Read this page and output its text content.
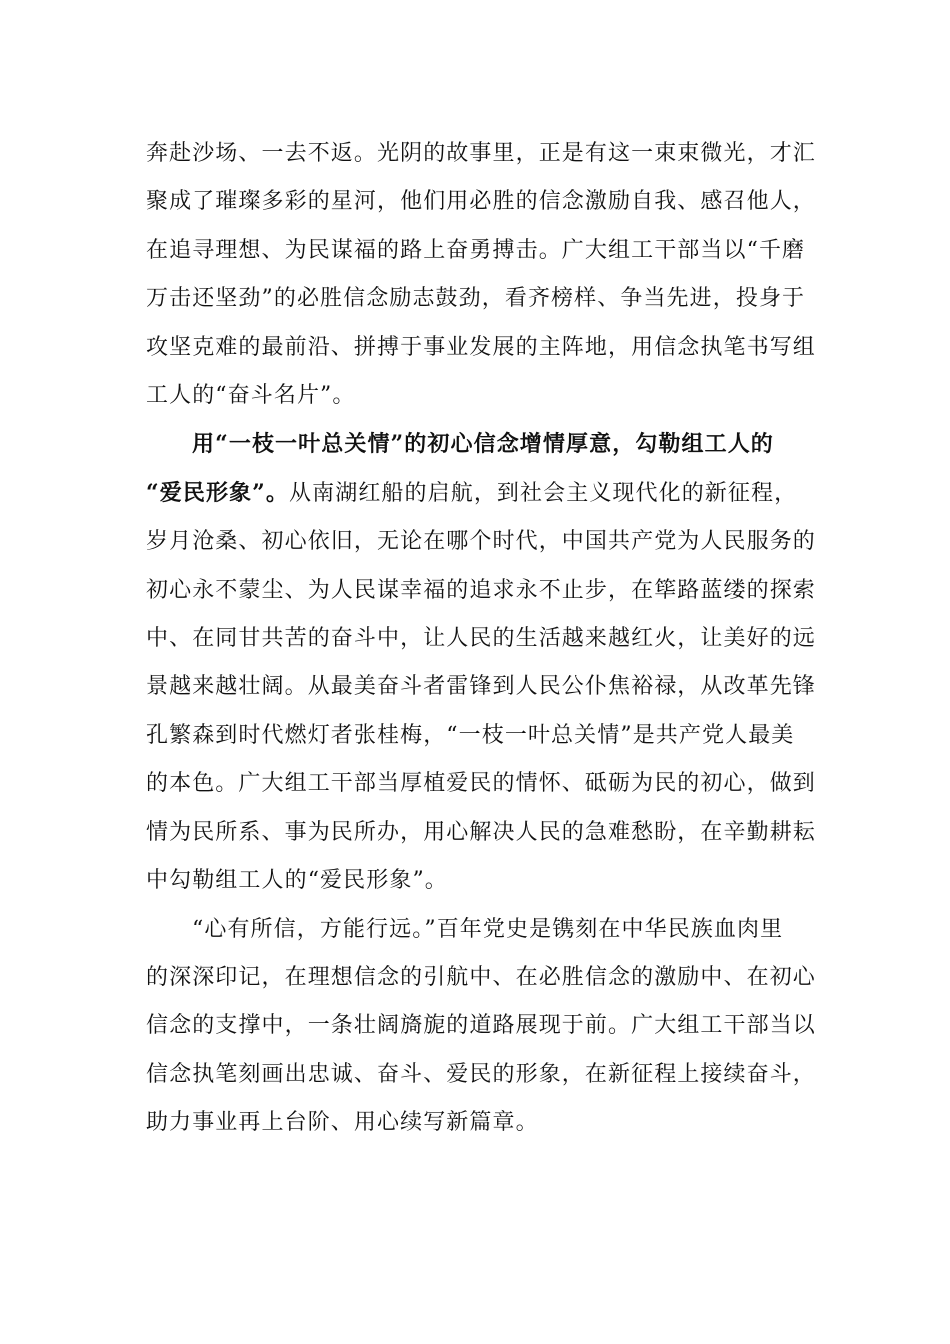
奔赴沙场、一去不返。光阴的故事里，正是有这一束束微光，才汇
聚成了璀璨多彩的星河，他们用必胜的信念激励自我、感召他人，
在追寻理想、为民谋福的路上奋勇搏击。广大组工干部当以“千磨
万击还坚劲”的必胜信念励志鼓劲，看齐榜样、争当先进，投身于
攻坚克难的最前沿、拼搏于事业发展的主阵地，用信念执笔书写组
工人的“奋斗名片”。

用“一枝一叶总关情”的初心信念增情厚意，勾勒组工人的
“爱民形象”。从南湖红船的启航，到社会主义现代化的新征程，
岁月沧桑、初心依旧，无论在哪个时代，中国共产党为人民服务的
初心永不蒙尘、为人民谋幸福的追求永不止步，在筚路蓝缕的探索
中、在同甘共苦的奋斗中，让人民的生活越来越红火，让美好的远
景越来越壮阔。从最美奋斗者雷锋到人民公仆焦裕禄，从改革先锋
孔繁森到时代燃灯者张桂梅，“一枝一叶总关情”是共产党人最美
的本色。广大组工干部当厚植爱民的情怀、砥砺为民的初心，做到
情为民所系、事为民所办，用心解决人民的急难愁盼，在辛勤耕耘
中勾勒组工人的“爱民形象”。

“心有所信，方能行远。”百年党史是镌刻在中华民族血肉里
的深深印记，在理想信念的引航中、在必胜信念的激励中、在初心
信念的支撑中，一条壮阔旖旎的道路展现于前。广大组工干部当以
信念执笔刻画出忠诚、奋斗、爱民的形象，在新征程上接续奋斗，
助力事业再上台阶、用心续写新篇章。
